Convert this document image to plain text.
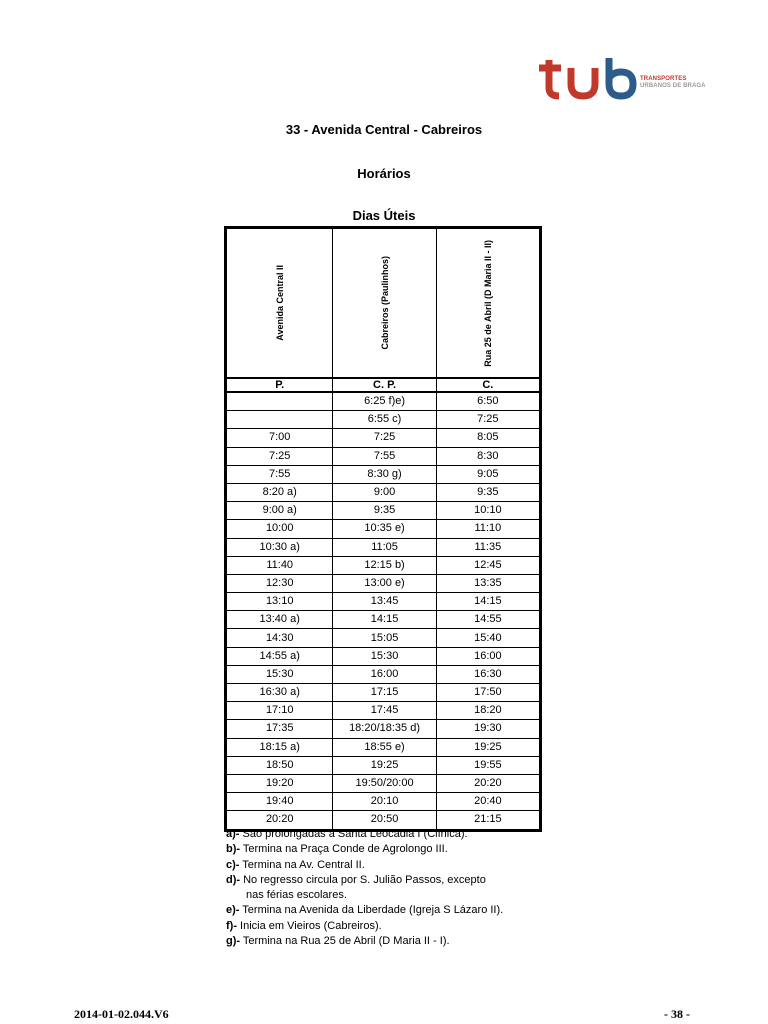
TRANSPORTES
URBANOS DE BRAGA
33 - Avenida Central - Cabreiros
Horários
Dias Úteis
Avenida Central II	Cabreiros (Paulinhos)	Rua 25 de Abril (D Maria II - II)

P.	C. P.	C.
	6:25 f)e)	6:50
	6:55 c)	7:25
7:00	7:25	8:05
7:25	7:55	8:30
7:55	8:30 g)	9:05
8:20 a)	9:00	9:35
9:00 a)	9:35	10:10
10:00	10:35 e)	11:10
10:30 a)	11:05	11:35
11:40	12:15 b)	12:45
12:30	13:00 e)	13:35
13:10	13:45	14:15
13:40 a)	14:15	14:55
14:30	15:05	15:40
14:55 a)	15:30	16:00
15:30	16:00	16:30
16:30 a)	17:15	17:50
17:10	17:45	18:20
17:35	18:20/18:35 d)	19:30
18:15 a)	18:55 e)	19:25
18:50	19:25	19:55
19:20	19:50/20:00	20:20
19:40	20:10	20:40
20:20	20:50	21:15
a)- São prolongadas a Santa Leocádia I (Clínica).
b)- Termina na Praça Conde de Agrolongo III.
c)- Termina na Av. Central II.
d)- No regresso circula por S. Julião Passos, excepto
nas férias escolares.
e)- Termina na Avenida da Liberdade (Igreja S Lázaro II).
f)- Inicia em Vieiros (Cabreiros).
g)- Termina na Rua 25 de Abril (D Maria II - I).
2014-01-02.044.V6	- 38 -
